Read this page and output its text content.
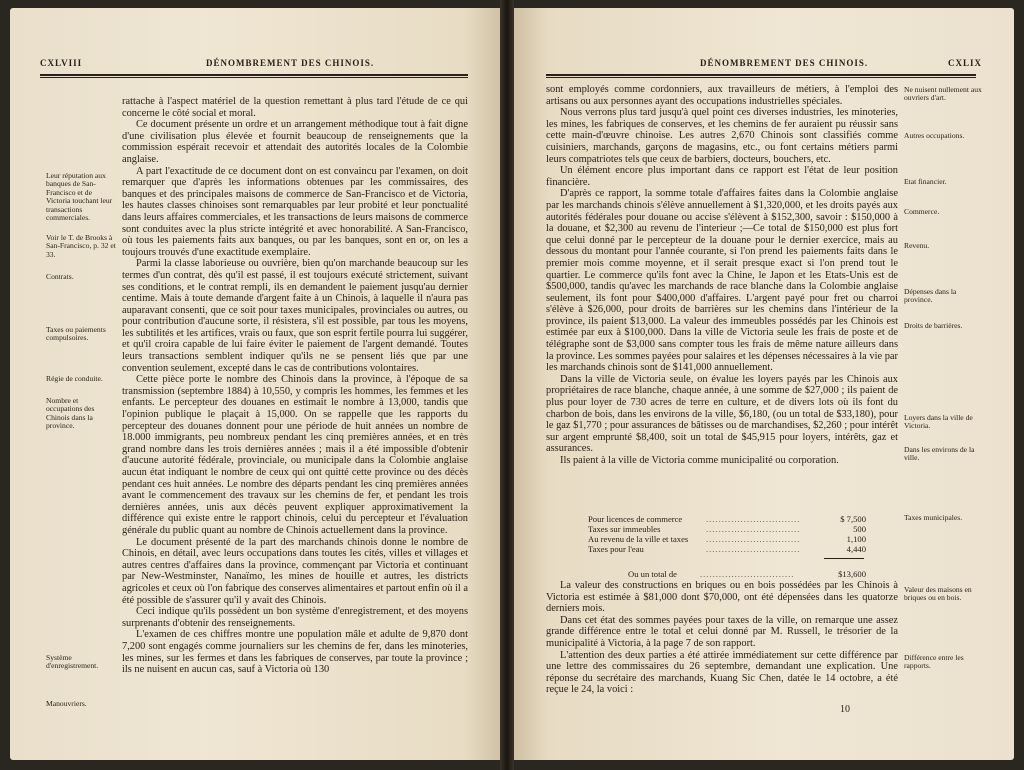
CXLVIII	DÉNOMBREMENT DES CHINOIS.

rattache à l'aspect matériel de la question remettant à plus tard l'étude de ce qui concerne le côté social et moral.

Ce document présente un ordre et un arrangement méthodique tout à fait digne d'une civilisation plus élevée et fournit beaucoup de renseignements que la commission espérait recevoir et attendait des autorités locales de la Colombie anglaise.

A part l'exactitude de ce document dont on est convaincu par l'examen, on doit remarquer que d'après les informations obtenues par les commissaires, des banques et des principales maisons de commerce de San-Francisco et de Victoria, les hautes classes chinoises sont remarquables par leur probité et leur ponctualité dans leurs affaires commerciales, et les transactions de leurs maisons de commerce sont conduites avec la plus stricte intégrité et avec honorabilité. A San-Francisco, où tous les paiements faits aux banques, ou par les banques, sont en or, on les a toujours trouvés d'une exactitude exemplaire.

Parmi la classe laborieuse ou ouvrière, bien qu'on marchande beaucoup sur les termes d'un contrat, dès qu'il est passé, il est toujours exécuté strictement, suivant ses conditions, et le contrat rempli, ils en demandent le paiement jusqu'au dernier centime. Mais à toute demande d'argent faite à un Chinois, à laquelle il n'aura pas auparavant consenti, que ce soit pour taxes municipales, provinciales ou autres, ou pour contribution d'aucune sorte, il résistera, s'il est possible, par tous les moyens, les subtilités et les artifices, vrais ou faux, que son esprit fertile pourra lui suggérer, et qu'il croira capable de lui faire éviter le paiement de l'argent demandé. Toutes leurs transactions semblent indiquer qu'ils ne se pensent liés que par une convention seulement, excepté dans le cas de contributions volontaires.

Cette pièce porte le nombre des Chinois dans la province, à l'époque de sa transmission (septembre 1884) à 10,550, y compris les hommes, les femmes et les enfants. Le percepteur des douanes en estimait le nombre à 13,000, tandis que l'opinion publique le plaçait à 15,000. On se rappelle que les rapports du percepteur des douanes donnent pour une période de huit années un nombre de 18.000 immigrants, peu nombreux pendant les cinq premières années, et en très grand nombre dans les trois dernières années ; mais il a été impossible d'obtenir d'aucune autorité fédérale, provinciale, ou municipale dans la Colombie anglaise aucun état indiquant le nombre de ceux qui ont quitté cette province ou des décès pendant ces huit années. Le nombre des départs pendant les cinq premières années avant le commencement des travaux sur les chemins de fer, et pendant les trois dernières années, unis aux décès peuvent expliquer approximativement la différence qui existe entre le rapport chinois, celui du percepteur et l'évaluation générale du public quant au nombre de Chinois actuellement dans la province.

Le document présenté de la part des marchands chinois donne le nombre de Chinois, en détail, avec leurs occupations dans toutes les cités, villes et villages et autres centres d'affaires dans la province, commençant par Victoria et continuant par New-Westminster, Nanaïmo, les mines de houille et autres, les districts agricoles et ceux où l'on fabrique des conserves alimentaires et partout enfin où il a été possible de s'assurer qu'il y avait des Chinois.

Ceci indique qu'ils possèdent un bon système d'enregistrement, et des moyens surprenants d'obtenir des renseignements.

L'examen de ces chiffres montre une population mâle et adulte de 9,870 dont 7,200 sont engagés comme journaliers sur les chemins de fer, dans les minoteries, les mines, sur les fermes et dans les fabriques de conserves, par toute la province ; ils ne nuisent en aucun cas, sauf à Victoria où 130

Leur réputation aux banques de San-Francisco et de Victoria touchant leur transactions commerciales.
Voir le T. de Brooks à San-Francisco, p. 32 et 33.
Contrats.
Taxes ou paiements compulsoires.
Régie de conduite.
Nombre et occupations des Chinois dans la province.
Système d'enregistrement.
Manouvriers.
DÉNOMBREMENT DES CHINOIS.	CXLIX

sont employés comme cordonniers, aux travailleurs de métiers, à l'emploi des artisans ou aux personnes ayant des occupations industrielles spéciales.

Nous verrons plus tard jusqu'à quel point ces diverses industries, les minoteries, les mines, les fabriques de conserves, et les chemins de fer auraient pu réussir sans cette main-d'œuvre chinoise. Les autres 2,670 Chinois sont classifiés comme cuisiniers, marchands, garçons de magasins, etc., ou font certains métiers parmi leurs compatriotes tels que ceux de barbiers, docteurs, bouchers, etc.

Un élément encore plus important dans ce rapport est l'état de leur position financière.

D'après ce rapport, la somme totale d'affaires faites dans la Colombie anglaise par les marchands chinois s'élève annuellement à $1,320,000, et les droits payés aux autorités fédérales pour douane ou accise s'élèvent à $152,300, savoir : $150,000 à la douane, et $2,300 au revenu de l'interieur ;—Ce total de $150,000 est plus fort que celui donné par le percepteur de la douane pour le dernier exercice, mais au dessous du montant pour l'année courante, si l'on prend les paiements faits dans le premier mois comme moyenne, et il serait presque exact si l'on prend tout le quartier. Le commerce qu'ils font avec la Chine, le Japon et les Etats-Unis est de $500,000, tandis qu'avec les marchands de race blanche dans la Colombie anglaise seulement, ils font pour $400,000 d'affaires. L'argent payé pour fret ou charroi s'élève à $26,000, pour droits de barrières sur les chemins dans l'intérieur de la province, ils paient $13,000. La valeur des immeubles possédés par les Chinois est estimée par eux à $100,000. Dans la ville de Victoria seule les frais de poste et de télégraphe sont de $3,000 sans compter tous les frais de même nature ailleurs dans la province. Les sommes payées pour salaires et les dépenses nécessaires à la vie par les marchands chinois sont de $141,000 annuellement.

Dans la ville de Victoria seule, on évalue les loyers payés par les Chinois aux propriétaires de race blanche, chaque année, à une somme de $27,000 ; ils paient de plus pour loyer de 730 acres de terre en culture, et de divers lots où ils font du charbon de bois, dans les environs de la ville, $6,180, (ou un total de $33,180), pour le gaz $1,770 ; pour assurances de bâtisses ou de marchandises, $2,260 ; pour intérêt sur argent emprunté $8,400, soit un total de $45,915 pour loyers, intérêts, gaz et assurances.

Ils paient à la ville de Victoria comme municipalité ou corporation.

Pour licences de commerce	..............................	$ 7,500
Taxes sur immeubles	..............................	500
Au revenu de la ville et taxes ..............................	1,100
Taxes pour l'eau	..............................	4,440
Ou un total de	..............................	$13,600

La valeur des constructions en briques ou en bois possédées par les Chinois à Victoria est estimée à $81,000 dont $70,000, ont été dépensées dans les quatorze derniers mois.

Dans cet état des sommes payées pour taxes de la ville, on remarque une assez grande différence entre le total et celui donné par M. Russell, le trésorier de la municipalité à Victoria, à la page 7 de son rapport.

L'attention des deux parties a été attirée immédiatement sur cette différence par une lettre des commissaires du 26 septembre, demandant une explication. Une réponse du secrétaire des marchands, Kuang Sic Chen, datée le 14 octobre, a été reçue le 24, la voici :

10
Ne nuisent nullement aux ouvriers d'art.
Autres occupations.
Etat financier.
Commerce.
Revenu.
Dépenses dans la province.
Droits de barrières.
Loyers dans la ville de Victoria.
Dans les environs de la ville.
Taxes municipales.
Valeur des maisons en briques ou en bois.
Différence entre les rapports.
